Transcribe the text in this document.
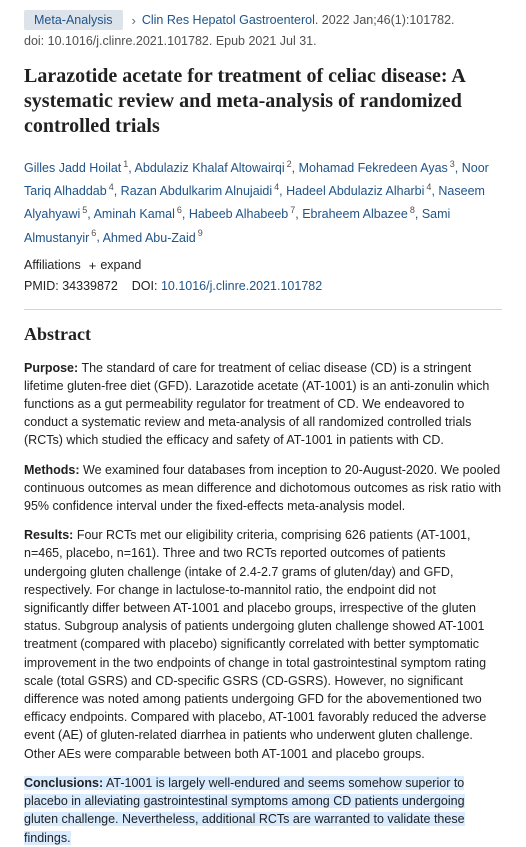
Meta-Analysis	› Clin Res Hepatol Gastroenterol . 2022 Jan;46(1):101782.
doi: 10.1016/j.clinre.2021.101782. Epub 2021 Jul 31.
Larazotide acetate for treatment of celiac disease: A systematic review and meta-analysis of randomized controlled trials
Gilles Jadd Hoilat $^1$, Abdulaziz Khalaf Altowairqi $^2$, Mohamad Fekredeen Ayas $^3$, Noor Tariq Alhaddab $^4$, Razan Abdulkarim Alnujaidi $^4$, Hadeel Abdulaziz Alharbi $^4$, Naseem Alyahyawi $^5$, Aminah Kamal $^6$, Habeeb Alhabeeb $^7$, Ebraheem Albazee $^8$, Sami Almustanyir $^6$, Ahmed Abu-Zaid $^9$
Affiliations + expand
PMID: 34339872 DOI: 10.1016/j.clinre.2021.101782
Abstract

Purpose: The standard of care for treatment of celiac disease (CD) is a stringent lifetime gluten-free diet (GFD). Larazotide acetate (AT-1001) is an anti-zonulin which functions as a gut permeability regulator for treatment of CD. We endeavored to conduct a systematic review and meta-analysis of all randomized controlled trials (RCTs) which studied the efficacy and safety of AT-1001 in patients with CD.

Methods: We examined four databases from inception to 20-August-2020. We pooled continuous outcomes as mean difference and dichotomous outcomes as risk ratio with 95% confidence interval under the fixed-effects meta-analysis model.

Results: Four RCTs met our eligibility criteria, comprising 626 patients (AT-1001, n=465, placebo, n=161). Three and two RCTs reported outcomes of patients undergoing gluten challenge (intake of 2.4-2.7 grams of gluten/day) and GFD, respectively. For change in lactulose-to-mannitol ratio, the endpoint did not significantly differ between AT-1001 and placebo groups, irrespective of the gluten status. Subgroup analysis of patients undergoing gluten challenge showed AT-1001 treatment (compared with placebo) significantly correlated with better symptomatic improvement in the two endpoints of change in total gastrointestinal symptom rating scale (total GSRS) and CD-specific GSRS (CD-GSRS). However, no significant difference was noted among patients undergoing GFD for the abovementioned two efficacy endpoints. Compared with placebo, AT-1001 favorably reduced the adverse event (AE) of gluten-related diarrhea in patients who underwent gluten challenge. Other AEs were comparable between both AT-1001 and placebo groups.

Conclusions: AT-1001 is largely well-endured and seems somehow superior to placebo in alleviating gastrointestinal symptoms among CD patients undergoing gluten challenge. Nevertheless, additional RCTs are warranted to validate these findings.
